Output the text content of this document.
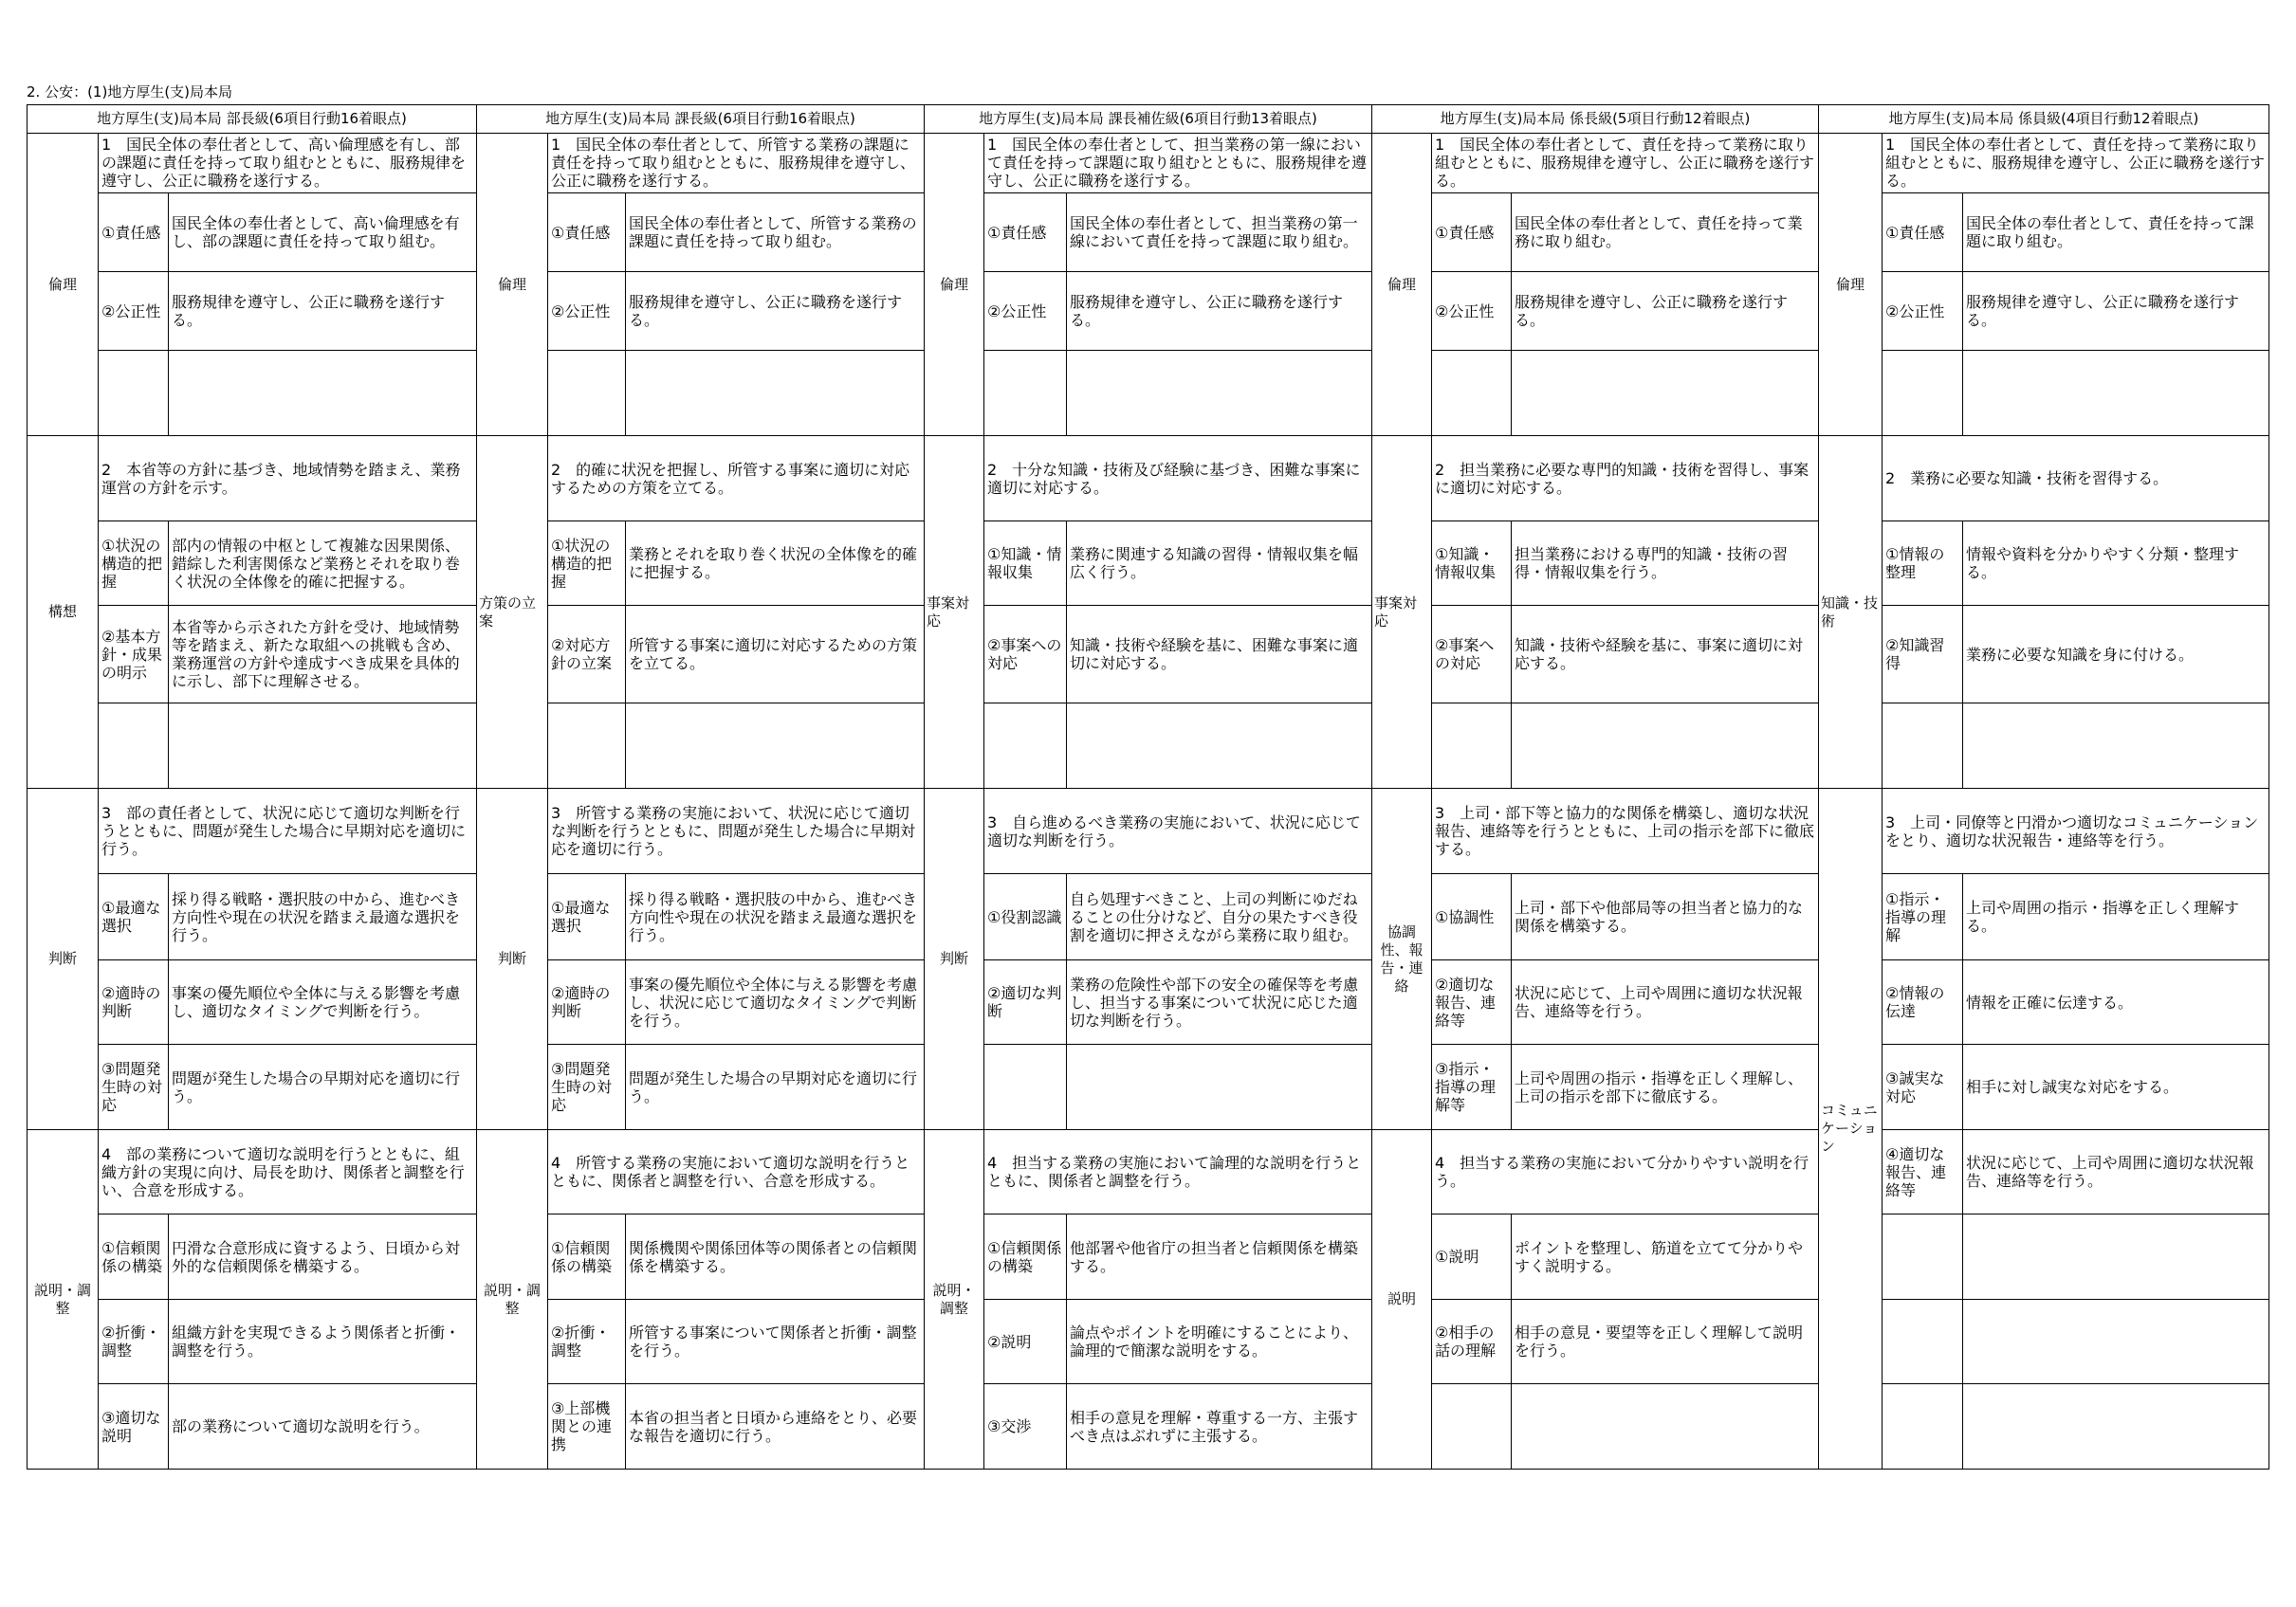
2. 公安：(1)地方厚生(支)局本局
地方厚生(支)局本局 部長級(6項目行動16着眼点)			地方厚生(支)局本局 課長級(6項目行動16着眼点)			地方厚生(支)局本局 課長補佐級(6項目行動13着眼点)			地方厚生(支)局本局 係長級(5項目行動12着眼点)			地方厚生(支)局本局 係員級(4項目行動12着眼点)		
倫理	1　国民全体の奉仕者として、高い倫理感を有し、部の課題に責任を持って取り組むとともに、服務規律を遵守し、公正に職務を遂行する。		倫理	1　国民全体の奉仕者として、所管する業務の課題に責任を持って取り組むとともに、服務規律を遵守し、公正に職務を遂行する。		倫理	1　国民全体の奉仕者として、担当業務の第一線において責任を持って課題に取り組むとともに、服務規律を遵守し、公正に職務を遂行する。		倫理	1　国民全体の奉仕者として、責任を持って業務に取り組むとともに、服務規律を遵守し、公正に職務を遂行する。		倫理	1　国民全体の奉仕者として、責任を持って業務に取り組むとともに、服務規律を遵守し、公正に職務を遂行する。	
	①責任感	国民全体の奉仕者として、高い倫理感を有し、部の課題に責任を持って取り組む。		①責任感	国民全体の奉仕者として、所管する業務の課題に責任を持って取り組む。		①責任感	国民全体の奉仕者として、担当業務の第一線において責任を持って課題に取り組む。		①責任感	国民全体の奉仕者として、責任を持って業務に取り組む。		①責任感	国民全体の奉仕者として、責任を持って課題に取り組む。
	②公正性	服務規律を遵守し、公正に職務を遂行する。		②公正性	服務規律を遵守し、公正に職務を遂行する。		②公正性	服務規律を遵守し、公正に職務を遂行する。		②公正性	服務規律を遵守し、公正に職務を遂行する。		②公正性	服務規律を遵守し、公正に職務を遂行する。

構想	2　本省等の方針に基づき、地域情勢を踏まえ、業務運営の方針を示す。		方策の立案	2　的確に状況を把握し、所管する事案に適切に対応するための方策を立てる。		事案対応	2　十分な知識・技術及び経験に基づき、困難な事案に適切に対応する。		事案対応	2　担当業務に必要な専門的知識・技術を習得し、事案に適切に対応する。		知識・技術	2　業務に必要な知識・技術を習得する。	
	①状況の構造的把握	部内の情報の中枢として複雑な因果関係、錯綜した利害関係など業務とそれを取り巻く状況の全体像を的確に把握する。		①状況の構造的把握	業務とそれを取り巻く状況の全体像を的確に把握する。		①知識・情報収集	業務に関連する知識の習得・情報収集を幅広く行う。		①知識・情報収集	担当業務における専門的知識・技術の習得・情報収集を行う。		①情報の整理	情報や資料を分かりやすく分類・整理する。
	②基本方針・成果の明示	本省等から示された方針を受け、地域情勢等を踏まえ、新たな取組への挑戦も含め、業務運営の方針や達成すべき成果を具体的に示し、部下に理解させる。		②対応方針の立案	所管する事案に適切に対応するための方策を立てる。		②事案への対応	知識・技術や経験を基に、困難な事案に適切に対応する。		②事案への対応	知識・技術や経験を基に、事案に適切に対応する。		②知識習得	業務に必要な知識を身に付ける。

判断	3　部の責任者として、状況に応じて適切な判断を行うとともに、問題が発生した場合に早期対応を適切に行う。		判断	3　所管する業務の実施において、状況に応じて適切な判断を行うとともに、問題が発生した場合に早期対応を適切に行う。		判断	3　自ら進めるべき業務の実施において、状況に応じて適切な判断を行う。		協調性、報告・連絡	3　上司・部下等と協力的な関係を構築し、適切な状況報告、連絡等を行うとともに、上司の指示を部下に徹底する。		コミュニケーション	3　上司・同僚等と円滑かつ適切なコミュニケーションをとり、適切な状況報告・連絡等を行う。	
	①最適な選択	採り得る戦略・選択肢の中から、進むべき方向性や現在の状況を踏まえ最適な選択を行う。		①最適な選択	採り得る戦略・選択肢の中から、進むべき方向性や現在の状況を踏まえ最適な選択を行う。		①役割認識	自ら処理すべきこと、上司の判断にゆだねることの仕分けなど、自分の果たすべき役割を適切に押さえながら業務に取り組む。		①協調性	上司・部下や他部局等の担当者と協力的な関係を構築する。		①指示・指導の理解	上司や周囲の指示・指導を正しく理解する。
	②適時の判断	事案の優先順位や全体に与える影響を考慮し、適切なタイミングで判断を行う。		②適時の判断	事案の優先順位や全体に与える影響を考慮し、状況に応じて適切なタイミングで判断を行う。		②適切な判断	業務の危険性や部下の安全の確保等を考慮し、担当する事案について状況に応じた適切な判断を行う。		②適切な報告、連絡等	状況に応じて、上司や周囲に適切な状況報告、連絡等を行う。		②情報の伝達	情報を正確に伝達する。
	③問題発生時の対応	問題が発生した場合の早期対応を適切に行う。		③問題発生時の対応	問題が発生した場合の早期対応を適切に行う。					③指示・指導の理解等	上司や周囲の指示・指導を正しく理解し、上司の指示を部下に徹底する。		③誠実な対応	相手に対し誠実な対応をする。
説明・調整	4　部の業務について適切な説明を行うとともに、組織方針の実現に向け、局長を助け、関係者と調整を行い、合意を形成する。		説明・調整	4　所管する業務の実施において適切な説明を行うとともに、関係者と調整を行い、合意を形成する。		説明・調整	4　担当する業務の実施において論理的な説明を行うとともに、関係者と調整を行う。		説明	4　担当する業務の実施において分かりやすい説明を行う。			④適切な報告、連絡等	状況に応じて、上司や周囲に適切な状況報告、連絡等を行う。
	①信頼関係の構築	円滑な合意形成に資するよう、日頃から対外的な信頼関係を構築する。		①信頼関係の構築	関係機関や関係団体等の関係者との信頼関係を構築する。		①信頼関係の構築	他部署や他省庁の担当者と信頼関係を構築する。		①説明	ポイントを整理し、筋道を立てて分かりやすく説明する。			
	②折衝・調整	組織方針を実現できるよう関係者と折衝・調整を行う。		②折衝・調整	所管する事案について関係者と折衝・調整を行う。		②説明	論点やポイントを明確にすることにより、論理的で簡潔な説明をする。		②相手の話の理解	相手の意見・要望等を正しく理解して説明を行う。			
	③適切な説明	部の業務について適切な説明を行う。		③上部機関との連携	本省の担当者と日頃から連絡をとり、必要な報告を適切に行う。		③交渉	相手の意見を理解・尊重する一方、主張すべき点はぶれずに主張する。						
